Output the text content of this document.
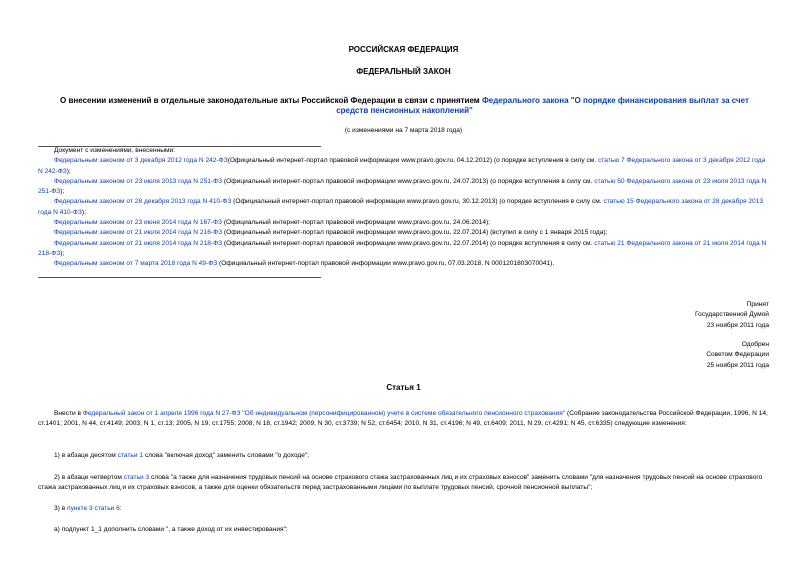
РОССИЙСКАЯ ФЕДЕРАЦИЯ
ФЕДЕРАЛЬНЫЙ ЗАКОН
О внесении изменений в отдельные законодательные акты Российской Федерации в связи с принятием Федерального закона "О порядке финансирования выплат за счет средств пенсионных накоплений"
(с изменениями на 7 марта 2018 года)

Документ с изменениями, внесенными:

Федеральным законом от 3 декабря 2012 года N 242-ФЗ(Официальный интернет-портал правовой информации www.pravo.gov.ru, 04.12.2012) (о порядке вступления в силу см. статью 7 Федерального закона от 3 декабря 2012 года N 242-ФЗ);

Федеральным законом от 23 июля 2013 года N 251-ФЗ (Официальный интернет-портал правовой информации www.pravo.gov.ru, 24.07.2013) (о порядке вступления в силу см. статью 50 Федерального закона от 23 июля 2013 года N 251-ФЗ);

Федеральным законом от 28 декабря 2013 года N 410-ФЗ (Официальный интернет-портал правовой информации www.pravo.gov.ru, 30.12.2013) (о порядке вступления в силу см. статью 15 Федерального закона от 28 декабря 2013 года N 410-ФЗ);

Федеральным законом от 23 июня 2014 года N 167-ФЗ (Официальный интернет-портал правовой информации www.pravo.gov.ru, 24.06.2014);

Федеральным законом от 21 июля 2014 года N 216-ФЗ (Официальный интернет-портал правовой информации www.pravo.gov.ru, 22.07.2014) (вступил в силу с 1 января 2015 года);

Федеральным законом от 21 июля 2014 года N 218-ФЗ (Официальный интернет-портал правовой информации www.pravo.gov.ru, 22.07.2014) (о порядке вступления в силу см. статью 21 Федерального закона от 21 июля 2014 года N 218-ФЗ);

Федеральным законом от 7 марта 2018 года N 49-ФЗ (Официальный интернет-портал правовой информации www.pravo.gov.ru, 07.03.2018, N 0001201803070041).

Принят
Государственной Думой
23 ноября 2011 года
Одобрен
Советом Федерации
25 ноября 2011 года
Статья 1

Внести в Федеральный закон от 1 апреля 1996 года N 27-ФЗ "Об индивидуальном (персонифицированном) учете в системе обязательного пенсионного страхования" (Собрание законодательства Российской Федерации, 1996, N 14, ст.1401; 2001, N 44, ст.4149; 2003, N 1, ст.13; 2005, N 19, ст.1755; 2008, N 18, ст.1942; 2009, N 30, ст.3739; N 52, ст.6454; 2010, N 31, ст.4196; N 49, ст.6409; 2011, N 29, ст.4291; N 45, ст.6335) следующие изменения:

1) в абзаце десятом статьи 1 слова "включая доход" заменить словами "о доходе";

2) в абзаце четвертом статьи 3 слова "а также для назначения трудовых пенсий на основе страхового стажа застрахованных лиц и их страховых взносов" заменить словами "для назначения трудовых пенсий на основе страхового стажа застрахованных лиц и их страховых взносов, а также для оценки обязательств перед застрахованными лицами по выплате трудовых пенсий, срочной пенсионной выплаты";

3) в пункте 3 статьи 6:

а) подпункт 1_1 дополнить словами ", а также доход от их инвестирования";
